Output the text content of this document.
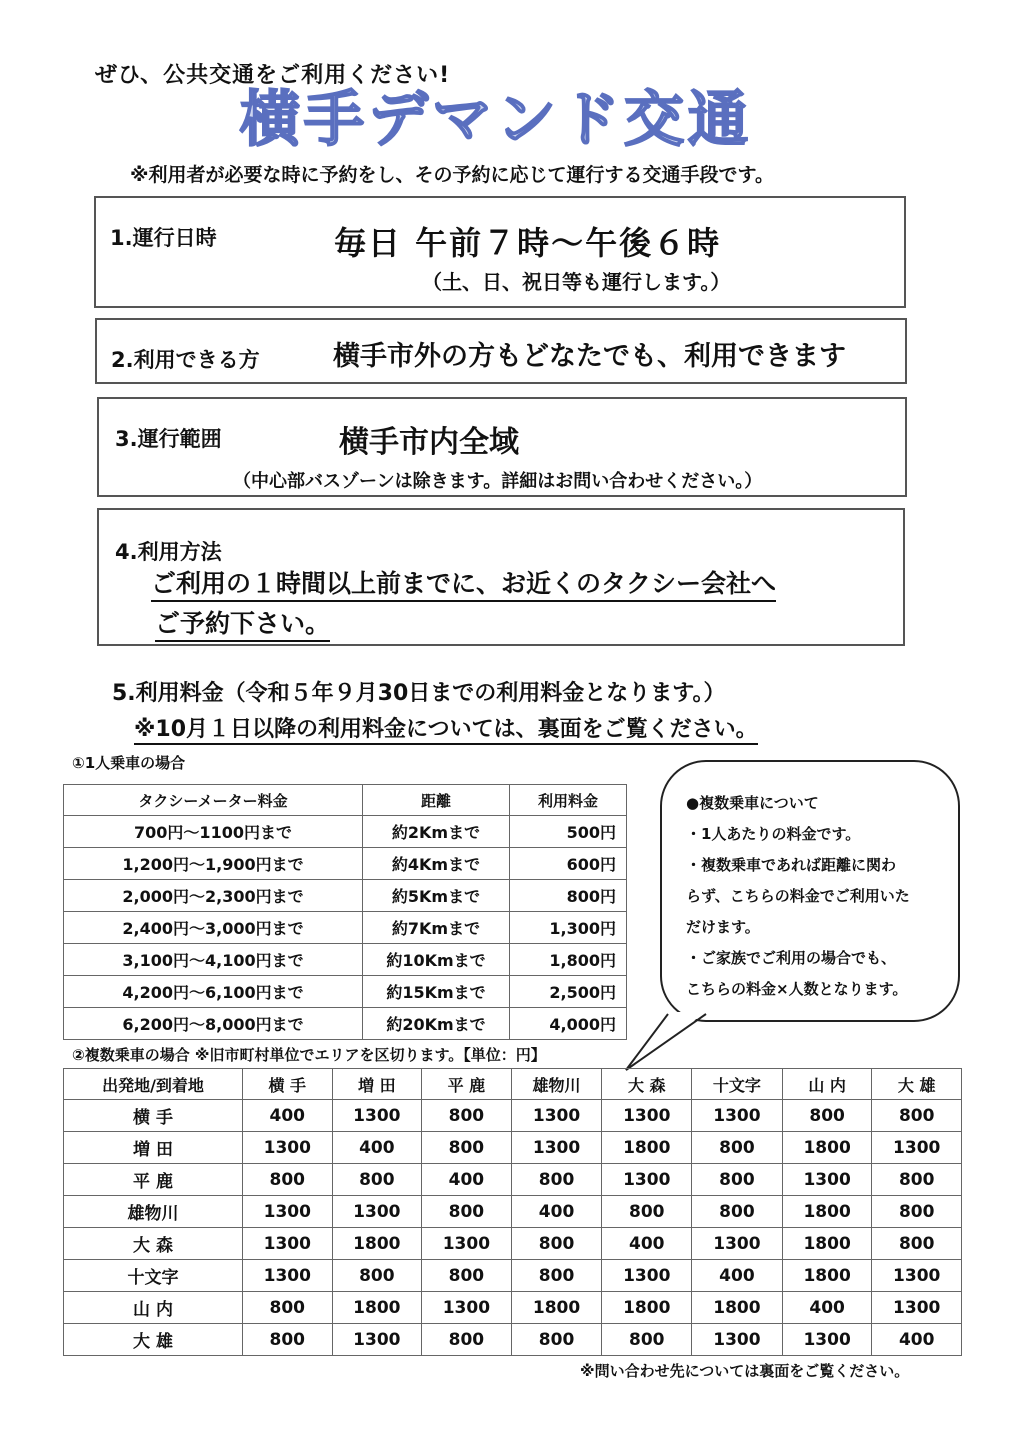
ぜひ、公共交通をご利用ください!
横手デマンド交通
※利用者が必要な時に予約をし、その予約に応じて運行する交通手段です。
1.運行日時	毎日 午前７時～午後６時
（土、日、祝日等も運行します。）
2.利用できる方	横手市外の方もどなたでも、利用できます
3.運行範囲	横手市内全域
（中心部バスゾーンは除きます。詳細はお問い合わせください。）
4.利用方法
ご利用の１時間以上前までに、お近くのタクシー会社へ
ご予約下さい。
5.利用料金（令和５年９月30日までの利用料金となります。）
※10月１日以降の利用料金については、裏面をご覧ください。
①1人乗車の場合
タクシーメーター料金	距離	利用料金
700円～1100円まで	約2Kmまで	500円
1,200円～1,900円まで	約4Kmまで	600円
2,000円～2,300円まで	約5Kmまで	800円
2,400円～3,000円まで	約7Kmまで	1,300円
3,100円～4,100円まで	約10Kmまで	1,800円
4,200円～6,100円まで	約15Kmまで	2,500円
6,200円～8,000円まで	約20Kmまで	4,000円
●複数乗車について
・1人あたりの料金です。
・複数乗車であれば距離に関わ
らず、こちらの料金でご利用いた
だけます。
・ご家族でご利用の場合でも、
こちらの料金×人数となります。
②複数乗車の場合 ※旧市町村単位でエリアを区切ります。【単位：円】
出発地/到着地	横 手	増 田	平 鹿	雄物川	大 森	十文字	山 内	大 雄
横 手	400	1300	800	1300	1300	1300	800	800
増 田	1300	400	800	1300	1800	800	1800	1300
平 鹿	800	800	400	800	1300	800	1300	800
雄物川	1300	1300	800	400	800	800	1800	800
大 森	1300	1800	1300	800	400	1300	1800	800
十文字	1300	800	800	800	1300	400	1800	1300
山 内	800	1800	1300	1800	1800	1800	400	1300
大 雄	800	1300	800	800	800	1300	1300	400
※問い合わせ先については裏面をご覧ください。
